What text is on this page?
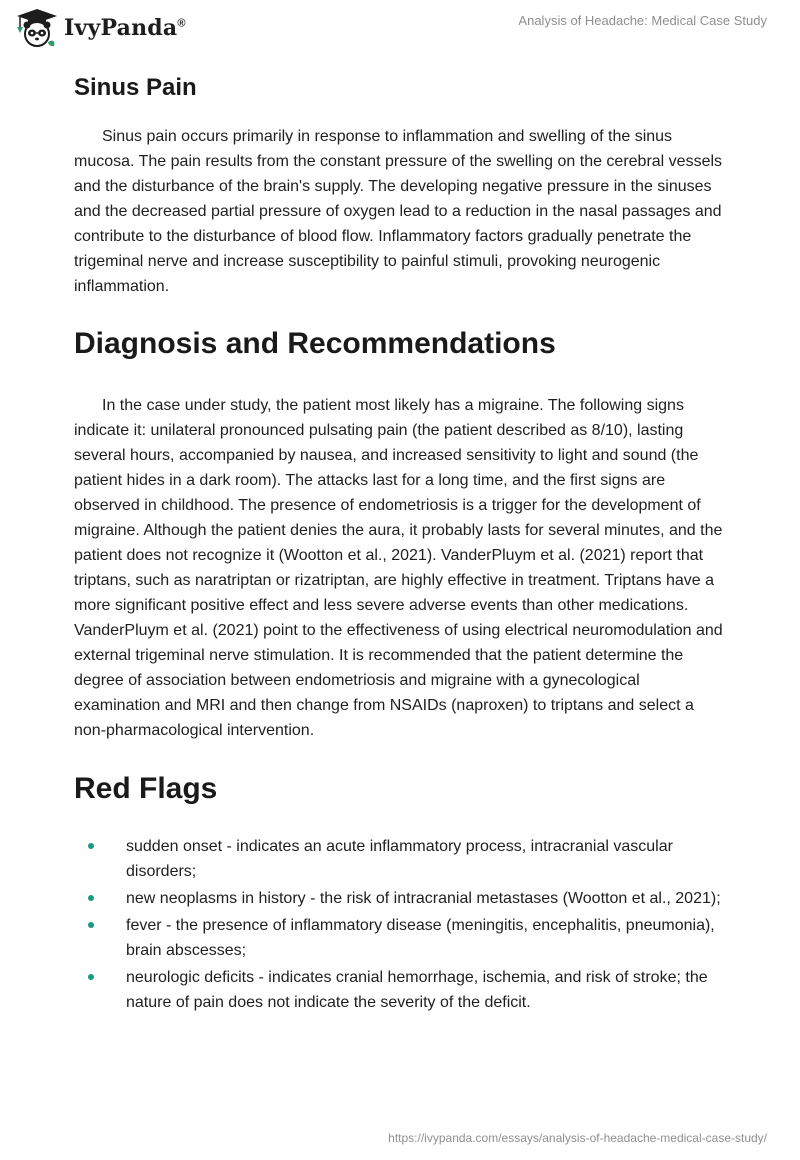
IvyPanda®	Analysis of Headache: Medical Case Study
Sinus Pain

Sinus pain occurs primarily in response to inflammation and swelling of the sinus mucosa. The pain results from the constant pressure of the swelling on the cerebral vessels and the disturbance of the brain's supply. The developing negative pressure in the sinuses and the decreased partial pressure of oxygen lead to a reduction in the nasal passages and contribute to the disturbance of blood flow. Inflammatory factors gradually penetrate the trigeminal nerve and increase susceptibility to painful stimuli, provoking neurogenic inflammation.

Diagnosis and Recommendations

In the case under study, the patient most likely has a migraine. The following signs indicate it: unilateral pronounced pulsating pain (the patient described as 8/10), lasting several hours, accompanied by nausea, and increased sensitivity to light and sound (the patient hides in a dark room). The attacks last for a long time, and the first signs are observed in childhood. The presence of endometriosis is a trigger for the development of migraine. Although the patient denies the aura, it probably lasts for several minutes, and the patient does not recognize it (Wootton et al., 2021). VanderPluym et al. (2021) report that triptans, such as naratriptan or rizatriptan, are highly effective in treatment. Triptans have a more significant positive effect and less severe adverse events than other medications. VanderPluym et al. (2021) point to the effectiveness of using electrical neuromodulation and external trigeminal nerve stimulation. It is recommended that the patient determine the degree of association between endometriosis and migraine with a gynecological examination and MRI and then change from NSAIDs (naproxen) to triptans and select a non-pharmacological intervention.

Red Flags
sudden onset - indicates an acute inflammatory process, intracranial vascular disorders;
new neoplasms in history - the risk of intracranial metastases (Wootton et al., 2021);
fever - the presence of inflammatory disease (meningitis, encephalitis, pneumonia), brain abscesses;
neurologic deficits - indicates cranial hemorrhage, ischemia, and risk of stroke; the nature of pain does not indicate the severity of the deficit.
https://ivypanda.com/essays/analysis-of-headache-medical-case-study/
